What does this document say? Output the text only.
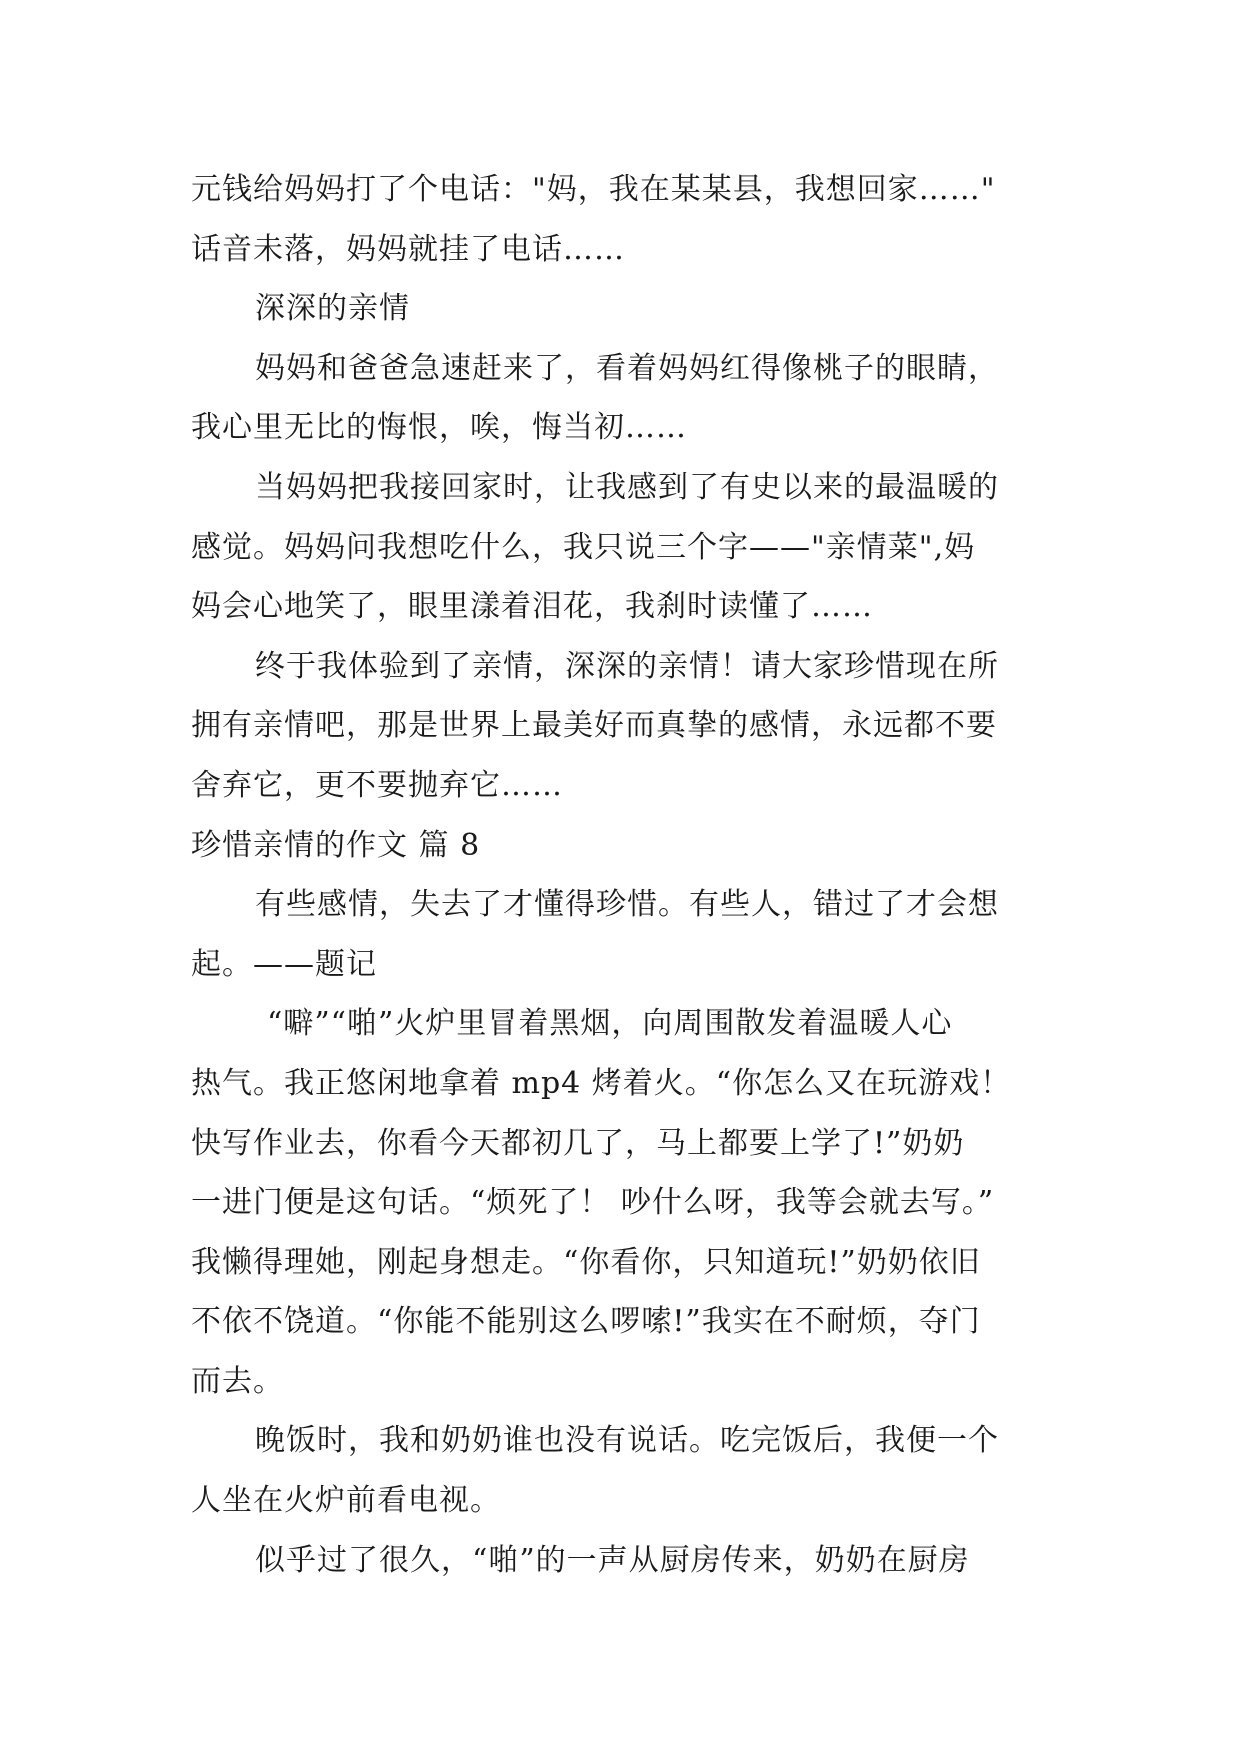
元钱给妈妈打了个电话："妈，我在某某县，我想回家……"
话音未落，妈妈就挂了电话……
深深的亲情
妈妈和爸爸急速赶来了，看着妈妈红得像桃子的眼睛，
我心里无比的悔恨，唉，悔当初……
当妈妈把我接回家时，让我感到了有史以来的最温暖的
感觉。妈妈问我想吃什么，我只说三个字——"亲情菜",妈
妈会心地笑了，眼里漾着泪花，我刹时读懂了……
终于我体验到了亲情，深深的亲情！请大家珍惜现在所
拥有亲情吧，那是世界上最美好而真挚的感情，永远都不要
舍弃它，更不要抛弃它……
珍惜亲情的作文 篇 8
有些感情，失去了才懂得珍惜。有些人，错过了才会想
起。——题记
“噼”“啪”火炉里冒着黑烟，向周围散发着温暖人心
热气。我正悠闲地拿着 mp4 烤着火。“你怎么又在玩游戏！
快写作业去，你看今天都初几了，马上都要上学了!”奶奶
一进门便是这句话。“烦死了！ 吵什么呀，我等会就去写。”
我懒得理她，刚起身想走。“你看你，只知道玩!”奶奶依旧
不依不饶道。“你能不能别这么啰嗦!”我实在不耐烦，夺门
而去。
晚饭时，我和奶奶谁也没有说话。吃完饭后，我便一个
人坐在火炉前看电视。
似乎过了很久，“啪”的一声从厨房传来，奶奶在厨房
